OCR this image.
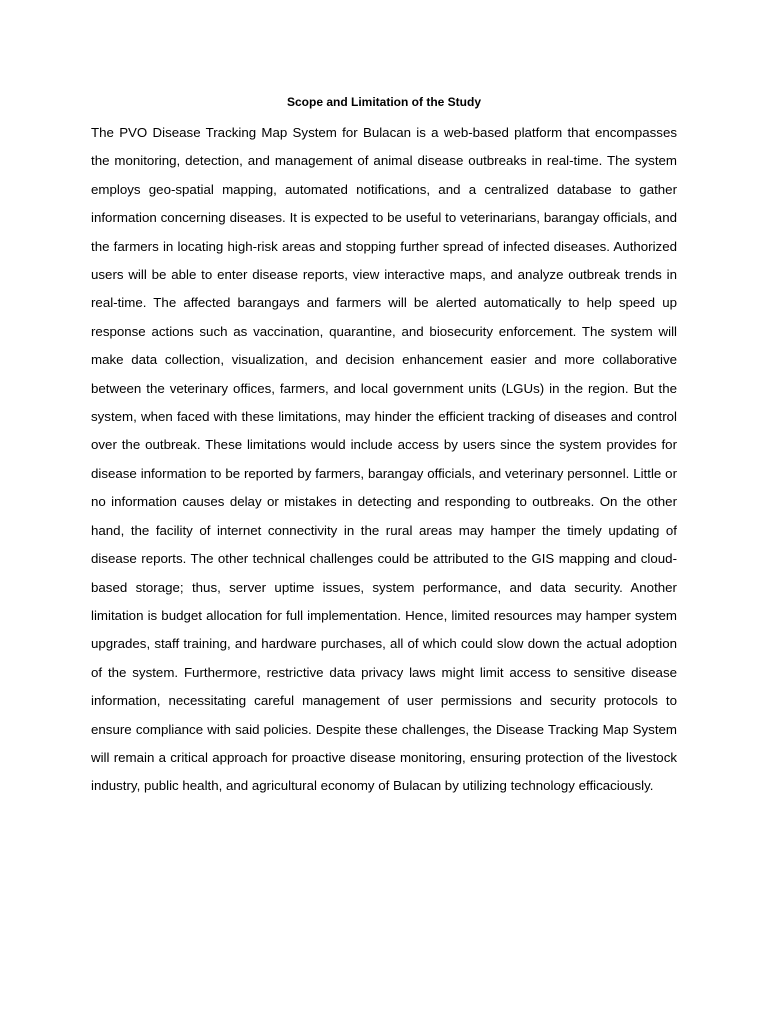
Scope and Limitation of the Study

The PVO Disease Tracking Map System for Bulacan is a web-based platform that encompasses the monitoring, detection, and management of animal disease outbreaks in real-time. The system employs geo-spatial mapping, automated notifications, and a centralized database to gather information concerning diseases. It is expected to be useful to veterinarians, barangay officials, and the farmers in locating high-risk areas and stopping further spread of infected diseases. Authorized users will be able to enter disease reports, view interactive maps, and analyze outbreak trends in real-time. The affected barangays and farmers will be alerted automatically to help speed up response actions such as vaccination, quarantine, and biosecurity enforcement. The system will make data collection, visualization, and decision enhancement easier and more collaborative between the veterinary offices, farmers, and local government units (LGUs) in the region. But the system, when faced with these limitations, may hinder the efficient tracking of diseases and control over the outbreak. These limitations would include access by users since the system provides for disease information to be reported by farmers, barangay officials, and veterinary personnel. Little or no information causes delay or mistakes in detecting and responding to outbreaks. On the other hand, the facility of internet connectivity in the rural areas may hamper the timely updating of disease reports. The other technical challenges could be attributed to the GIS mapping and cloud-based storage; thus, server uptime issues, system performance, and data security. Another limitation is budget allocation for full implementation. Hence, limited resources may hamper system upgrades, staff training, and hardware purchases, all of which could slow down the actual adoption of the system. Furthermore, restrictive data privacy laws might limit access to sensitive disease information, necessitating careful management of user permissions and security protocols to ensure compliance with said policies. Despite these challenges, the Disease Tracking Map System will remain a critical approach for proactive disease monitoring, ensuring protection of the livestock industry, public health, and agricultural economy of Bulacan by utilizing technology efficaciously.
